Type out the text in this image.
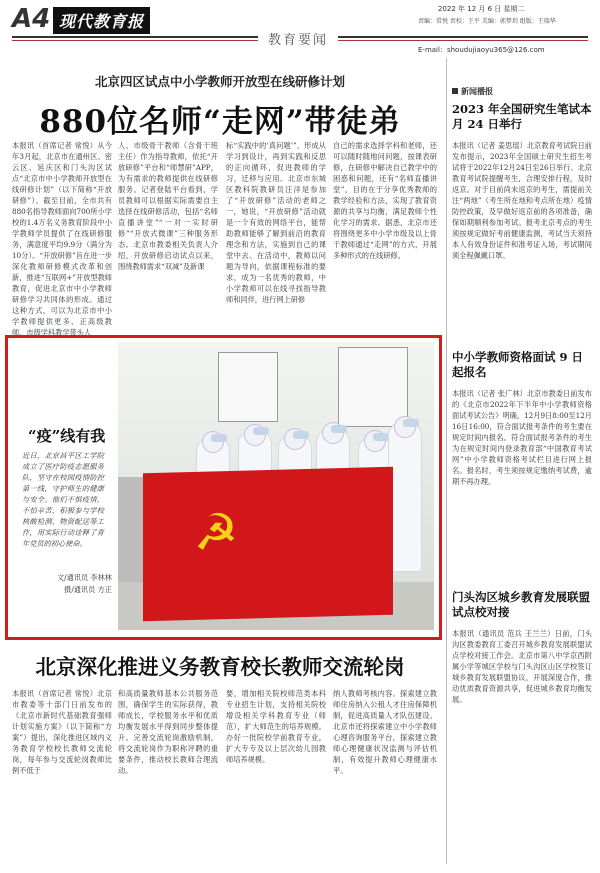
A4 现代教育报
2022 年 12 月 6 日 星期二
责编：常悦 责校：王平 美编：郭梦玥 组版：王瑞华
教育要闻
E-mail：shoudujiaoyu365@126.com
北京四区试点中小学教师开放型在线研修计划
880位名师“走网”带徒弟
本报讯（首席记者 常悦）从今年3月起，北京市在通州区、密云区、延庆区和门头沟区试点“北京市中小学教师开放型在线研修计划”（以下简称“开放研修”）。截至目前，全市共有880名指导教师面向700所小学校的1.4万名义务教育阶段中小学教师学员提供了在线研修服务，满意度平均9.9分（满分为10分）。“开放研修”旨在进一步深化教师研修模式改革和创新，推进“互联网+”开放型教师教育，促进北京市中小学教师研修学习共同体的形成。通过这种方式，可以为北京市中小学教师提供更多、正高级教师、市级学科教学带头人
人、市级骨干教师（含骨干班主任）作为指导教师，依托“开放研修”平台和“师慧研”APP，为有需求的教师提供在线研修服务。记者登陆平台看到，学员教师可以根据实际需要自主选择在线研修活动，包括“名师直播讲堂”“一对一实时研修”“开放式微课”三种服务形态。北京市教委相关负责人介绍，开放研修启动试点以来，围绕教师需求“双减”及新课
标“实践中的‘真问题’”，形成从学习到设计，再到实践和反思的正向循环，促进教师的学习，迁移与应用。北京市东城区教科院教研员汪洋是参加了“开放研修”活动的老师之一，她说，“开放研修”活动就是一个有效的网络平台，能帮助教师能够了解到前沿的教育理念和方法，实施到自己的课堂中去。在活动中，教师以问题为导向，依据课程标准的要求，成为一名优秀的教师，中小学教师可以在线寻找指导教师和同伴，进行网上研修
自己的需求选择学科和老师，还可以随时随地问问题，按课表研修，在研修中解决自己教学中的困惑和问题，还有“名师直播讲堂”，目的在于分享优秀教师的教学经验和方法，实现了教育资源的共享与均衡，满足教师个性化学习的需求。据悉，北京市还将围绕更多中小学市级及以上骨干教师通过“走网”的方式，开展多种形式的在线研修。
“疫”线有我
近日，北京昌平区工学院成立了医疗防疫志愿服务队，坚守在校园疫情防控第一线，守护师生的健康与安全。他们不惧疫情，不怕辛苦，积极参与学校核酸检测、物资配送等工作，用实际行动诠释了青年党员的初心使命。
文/通讯员 李林林
摄/通讯员 方正
☭
北京深化推进义务教育校长教师交流轮岗
本报讯（首席记者 常悦）北京市教委等十部门日前发布的《北京市新时代基础教育强师计划实施方案》（以下简称“方案”）提出，深化推进区域内义务教育学校校长教师交流轮岗，每年参与交流轮岗教师比例不低于
和高质量教师基本公共服务范围，确保学生的实际获得，教师成长，学校服务水平和优质均衡发展水平得到同步整体提升。完善交流轮岗激励机制，将交流轮岗作为职称评聘的重要条件，推动校长教师合理流动。
要，增加相关院校师范类本科专业招生计划，支持相关院校增设相关学科教育专业（师范），扩大师范生的培养规模。办好一批院校学前教育专业，扩大专专及以上层次幼儿园教师培养规模。
纳人教师考核内容。探索建立教师住房纳入公租人才住房保障机制，促进高质量人才队伍建设。北京市还将探索建立中小学教师心理咨询服务平台，探索建立教师心理健康状况监测与评估机制，有效提升教师心理健康水平。
新闻播报
2023 年全国研究生笔试本月 24 日举行
本报讯（记者 姜思瑶）北京教育考试院日前发布提示，2023年全国硕士研究生招生考试将于2022年12月24日至26日举行。北京教育考试院提醒考生，合理安排行程，及时返京。对于目前尚未返京的考生，需提前关注“两地”（考生所在地和考点所在地）疫情防控政策，及早做好返京前的各项准备，确保如期顺利参加考试。报考北京考点的考生须按规定做好考前健康监测，考试当天须持本人有效身份证件和准考证入场，考试期间须全程佩戴口罩。
中小学教师资格面试 9 日起报名
本报讯（记者 张广林）北京市教委日前发布的《北京市2022年下半年中小学教师资格面试考试公告》明确，12月9日8:00至12月16日16:00，符合面试报考条件的考生要在规定时间内报名。符合面试报考条件的考生为在规定时间内登录教育部“中国教育考试网”中小学教师资格考试栏目进行网上报名。报名时，考生须按规定缴纳考试费，逾期不再办理。
门头沟区城乡教育发展联盟试点校对接
本报讯（通讯员 范兵 王兰兰）日前，门头沟区教委教育工委召开城乡教育发展联盟试点学校对接工作会。北京市第八中学京西附属小学等城区学校与门头沟区山区学校签订城乡教育发展联盟协议，开展深度合作，推动优质教育资源共享，促进城乡教育均衡发展。
